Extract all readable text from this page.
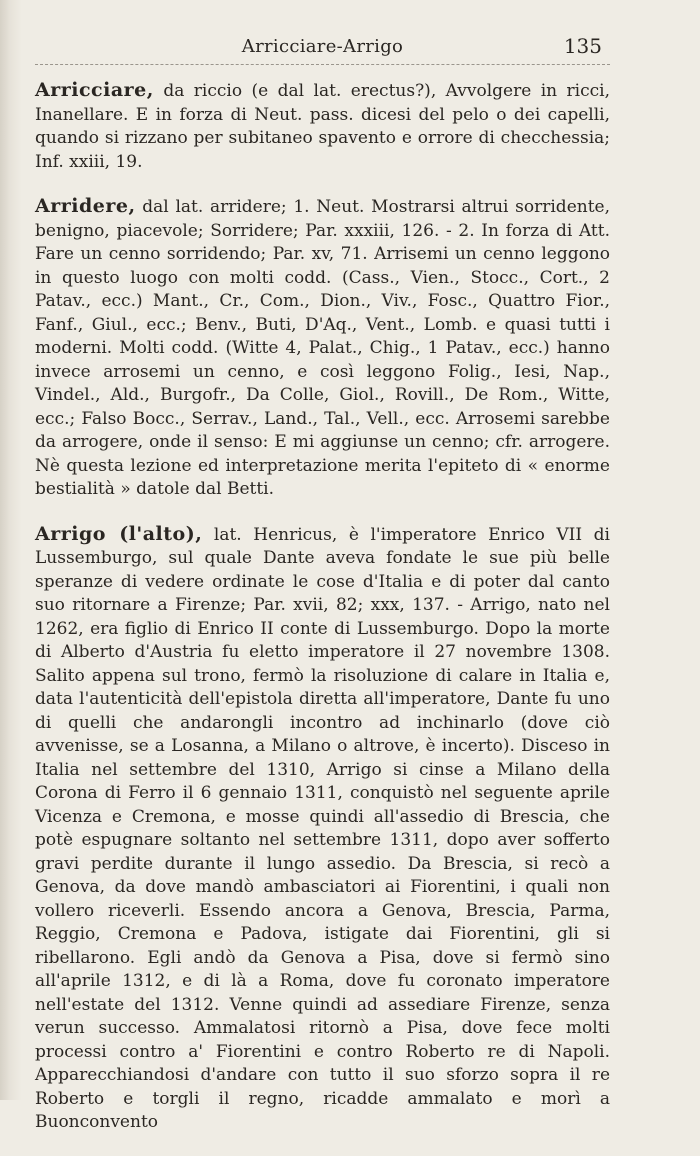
Arricciare-Arrigo	135

Arricciare, da riccio (e dal lat. erectus?), Avvolgere in ricci, Inanellare. E in forza di Neut. pass. dicesi del pelo o dei capelli, quando si rizzano per subitaneo spavento e orrore di checchessia; Inf. xxiii, 19.

Arridere, dal lat. arridere; 1. Neut. Mostrarsi altrui sorridente, benigno, piacevole; Sorridere; Par. xxxiii, 126. - 2. In forza di Att. Fare un cenno sorridendo; Par. xv, 71. Arrisemi un cenno leggono in questo luogo con molti codd. (Cass., Vien., Stocc., Cort., 2 Patav., ecc.) Mant., Cr., Com., Dion., Viv., Fosc., Quattro Fior., Fanf., Giul., ecc.; Benv., Buti, D'Aq., Vent., Lomb. e quasi tutti i moderni. Molti codd. (Witte 4, Palat., Chig., 1 Patav., ecc.) hanno invece arrosemi un cenno, e così leggono Folig., Iesi, Nap., Vindel., Ald., Burgofr., Da Colle, Giol., Rovill., De Rom., Witte, ecc.; Falso Bocc., Serrav., Land., Tal., Vell., ecc. Arrosemi sarebbe da arrogere, onde il senso: E mi aggiunse un cenno; cfr. arrogere. Nè questa lezione ed interpretazione merita l'epiteto di « enorme bestialità » datole dal Betti.

Arrigo (l'alto), lat. Henricus, è l'imperatore Enrico VII di Lussemburgo, sul quale Dante aveva fondate le sue più belle speranze di vedere ordinate le cose d'Italia e di poter dal canto suo ritornare a Firenze; Par. xvii, 82; xxx, 137. - Arrigo, nato nel 1262, era figlio di Enrico II conte di Lussemburgo. Dopo la morte di Alberto d'Austria fu eletto imperatore il 27 novembre 1308. Salito appena sul trono, fermò la risoluzione di calare in Italia e, data l'autenticità dell'epistola diretta all'imperatore, Dante fu uno di quelli che andarongli incontro ad inchinarlo (dove ciò avvenisse, se a Losanna, a Milano o altrove, è incerto). Disceso in Italia nel settembre del 1310, Arrigo si cinse a Milano della Corona di Ferro il 6 gennaio 1311, conquistò nel seguente aprile Vicenza e Cremona, e mosse quindi all'assedio di Brescia, che potè espugnare soltanto nel settembre 1311, dopo aver sofferto gravi perdite durante il lungo assedio. Da Brescia, si recò a Genova, da dove mandò ambasciatori ai Fiorentini, i quali non vollero riceverli. Essendo ancora a Genova, Brescia, Parma, Reggio, Cremona e Padova, istigate dai Fiorentini, gli si ribellarono. Egli andò da Genova a Pisa, dove si fermò sino all'aprile 1312, e di là a Roma, dove fu coronato imperatore nell'estate del 1312. Venne quindi ad assediare Firenze, senza verun successo. Ammalatosi ritornò a Pisa, dove fece molti processi contro a' Fiorentini e contro Roberto re di Napoli. Apparecchiandosi d'andare con tutto il suo sforzo sopra il re Roberto e torgli il regno, ricadde ammalato e morì a Buonconvento
